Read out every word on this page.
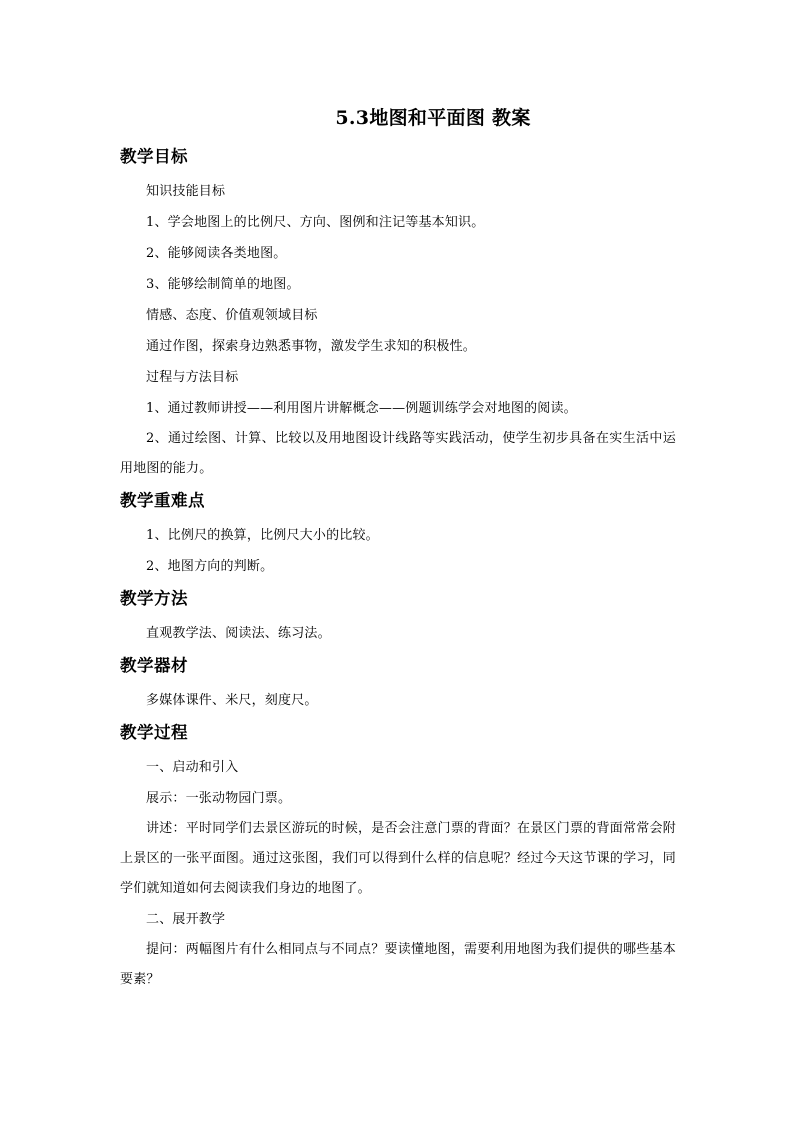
5.3地图和平面图 教案
教学目标

知识技能目标

1、学会地图上的比例尺、方向、图例和注记等基本知识。

2、能够阅读各类地图。

3、能够绘制简单的地图。

情感、态度、价值观领域目标

通过作图，探索身边熟悉事物，激发学生求知的积极性。

过程与方法目标

1、通过教师讲授——利用图片讲解概念——例题训练学会对地图的阅读。

2、通过绘图、计算、比较以及用地图设计线路等实践活动，使学生初步具备在实生活中运用地图的能力。

教学重难点

1、比例尺的换算，比例尺大小的比较。

2、地图方向的判断。

教学方法

直观教学法、阅读法、练习法。

教学器材

多媒体课件、米尺，刻度尺。

教学过程

一、启动和引入

展示：一张动物园门票。

讲述：平时同学们去景区游玩的时候，是否会注意门票的背面？在景区门票的背面常常会附上景区的一张平面图。通过这张图，我们可以得到什么样的信息呢？经过今天这节课的学习，同学们就知道如何去阅读我们身边的地图了。

二、展开教学

提问：两幅图片有什么相同点与不同点？要读懂地图，需要利用地图为我们提供的哪些基本要素？
